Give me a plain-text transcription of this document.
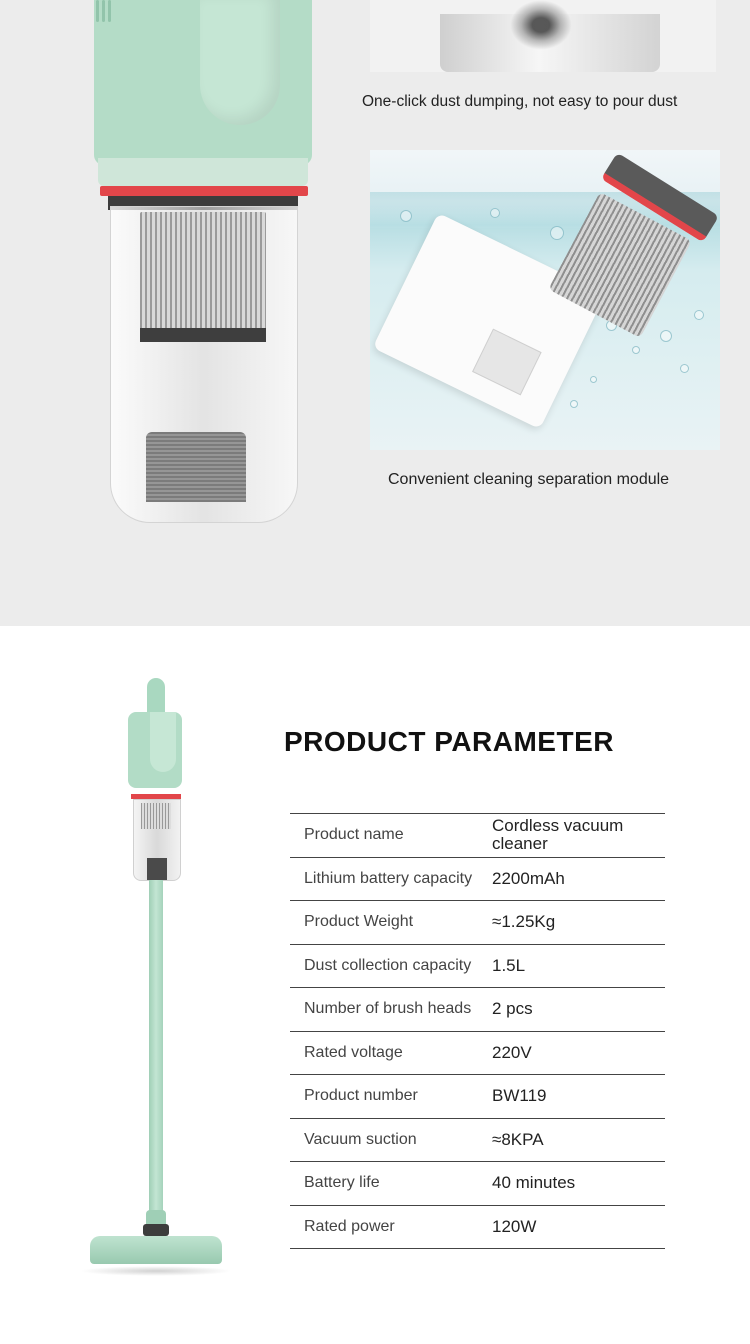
One-click dust dumping, not easy to pour dust
Convenient cleaning separation module
PRODUCT PARAMETER
Product name	Cordless vacuum cleaner
Lithium battery capacity	2200mAh
Product Weight	≈1.25Kg
Dust collection capacity	1.5L
Number of brush heads	2 pcs
Rated voltage	220V
Product number	BW119
Vacuum suction	≈8KPA
Battery life	40 minutes
Rated power	120W
